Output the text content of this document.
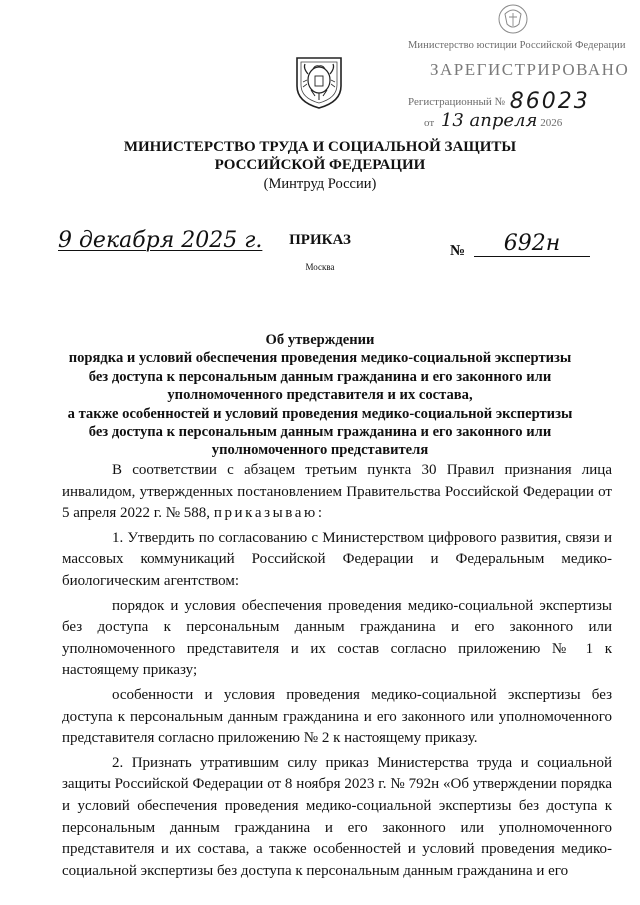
Министерство юстиции Российской Федерации
ЗАРЕГИСТРИРОВАНО
Регистрационный № 86023
от 13 апреля 2026
МИНИСТЕРСТВО ТРУДА И СОЦИАЛЬНОЙ ЗАЩИТЫ
РОССИЙСКОЙ ФЕДЕРАЦИИ
(Минтруд России)
9 декабря 2025 г.	ПРИКАЗ
Москва
№	692н
Об утверждении
порядка и условий обеспечения проведения медико-социальной экспертизы
без доступа к персональным данным гражданина и его законного или
уполномоченного представителя и их состава,
а также особенностей и условий проведения медико-социальной экспертизы
без доступа к персональным данным гражданина и его законного или
уполномоченного представителя

В соответствии с абзацем третьим пункта 30 Правил признания лица инвалидом, утвержденных постановлением Правительства Российской Федерации от 5 апреля 2022 г. № 588, приказываю:

1. Утвердить по согласованию с Министерством цифрового развития, связи и массовых коммуникаций Российской Федерации и Федеральным медико-биологическим агентством:

порядок и условия обеспечения проведения медико-социальной экспертизы без доступа к персональным данным гражданина и его законного или уполномоченного представителя и их состав согласно приложению № 1 к настоящему приказу;

особенности и условия проведения медико-социальной экспертизы без доступа к персональным данным гражданина и его законного или уполномоченного представителя согласно приложению № 2 к настоящему приказу.

2. Признать утратившим силу приказ Министерства труда и социальной защиты Российской Федерации от 8 ноября 2023 г. № 792н «Об утверждении порядка и условий обеспечения проведения медико-социальной экспертизы без доступа к персональным данным гражданина и его законного или уполномоченного представителя и их состава, а также особенностей и условий проведения медико-социальной экспертизы без доступа к персональным данным гражданина и его
